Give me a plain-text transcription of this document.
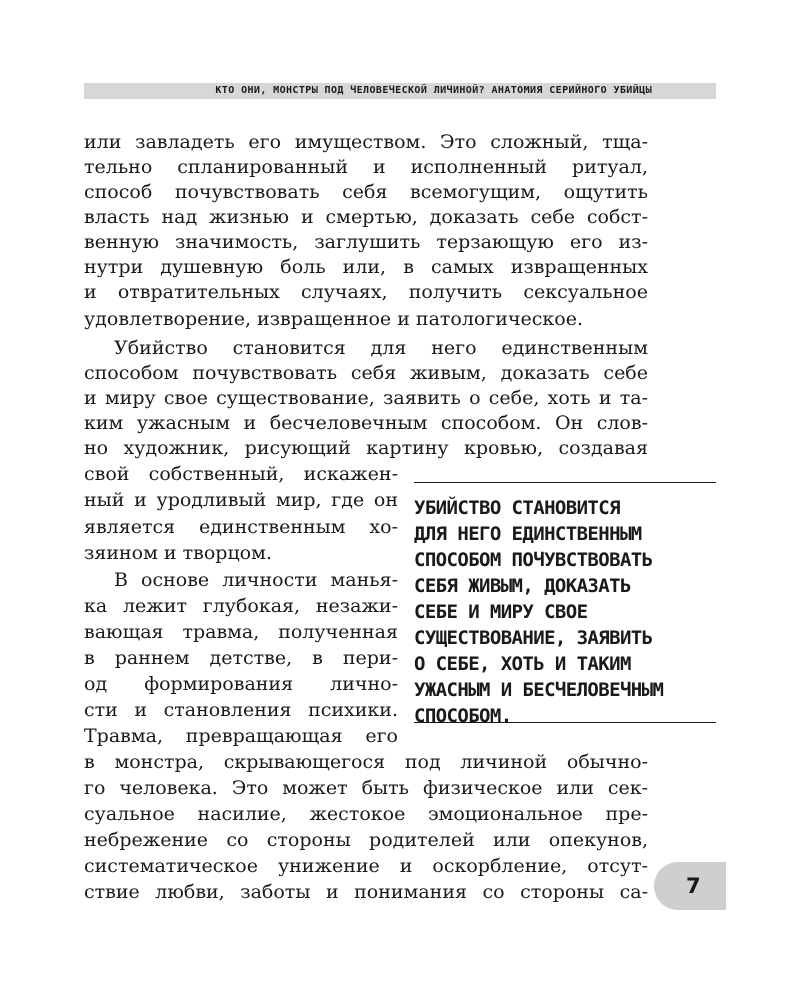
КТО ОНИ, МОНСТРЫ ПОД ЧЕЛОВЕЧЕСКОЙ ЛИЧИНОЙ? АНАТОМИЯ СЕРИЙНОГО УБИЙЦЫ
или завладеть его имуществом. Это сложный, тща-
тельно спланированный и исполненный ритуал,
способ почувствовать себя всемогущим, ощутить
власть над жизнью и смертью, доказать себе собст-
венную значимость, заглушить терзающую его из-
нутри душевную боль или, в самых извращенных
и отвратительных случаях, получить сексуальное
удовлетворение, извращенное и патологическое.
Убийство становится для него единственным
способом почувствовать себя живым, доказать себе
и миру свое существование, заявить о себе, хоть и та-
ким ужасным и бесчеловечным способом. Он слов-
но художник, рисующий картину кровью, создавая
свой собственный, искажен-
ный и уродливый мир, где он
является единственным хо-
зяином и творцом.
В основе личности манья-
ка лежит глубокая, незажи-
вающая травма, полученная
в раннем детстве, в пери-
од формирования лично-
сти и становления психики.
Травма, превращающая его
в монстра, скрывающегося под личиной обычно-
го человека. Это может быть физическое или сек-
суальное насилие, жестокое эмоциональное пре-
небрежение со стороны родителей или опекунов,
систематическое унижение и оскорбление, отсут-
ствие любви, заботы и понимания со стороны са-
УБИЙСТВО СТАНОВИТСЯ
ДЛЯ НЕГО ЕДИНСТВЕННЫМ
СПОСОБОМ ПОЧУВСТВОВАТЬ
СЕБЯ ЖИВЫМ, ДОКАЗАТЬ
СЕБЕ И МИРУ СВОЕ
СУЩЕСТВОВАНИЕ, ЗАЯВИТЬ
О СЕБЕ, ХОТЬ И ТАКИМ
УЖАСНЫМ И БЕСЧЕЛОВЕЧНЫМ
СПОСОБОМ.
7
